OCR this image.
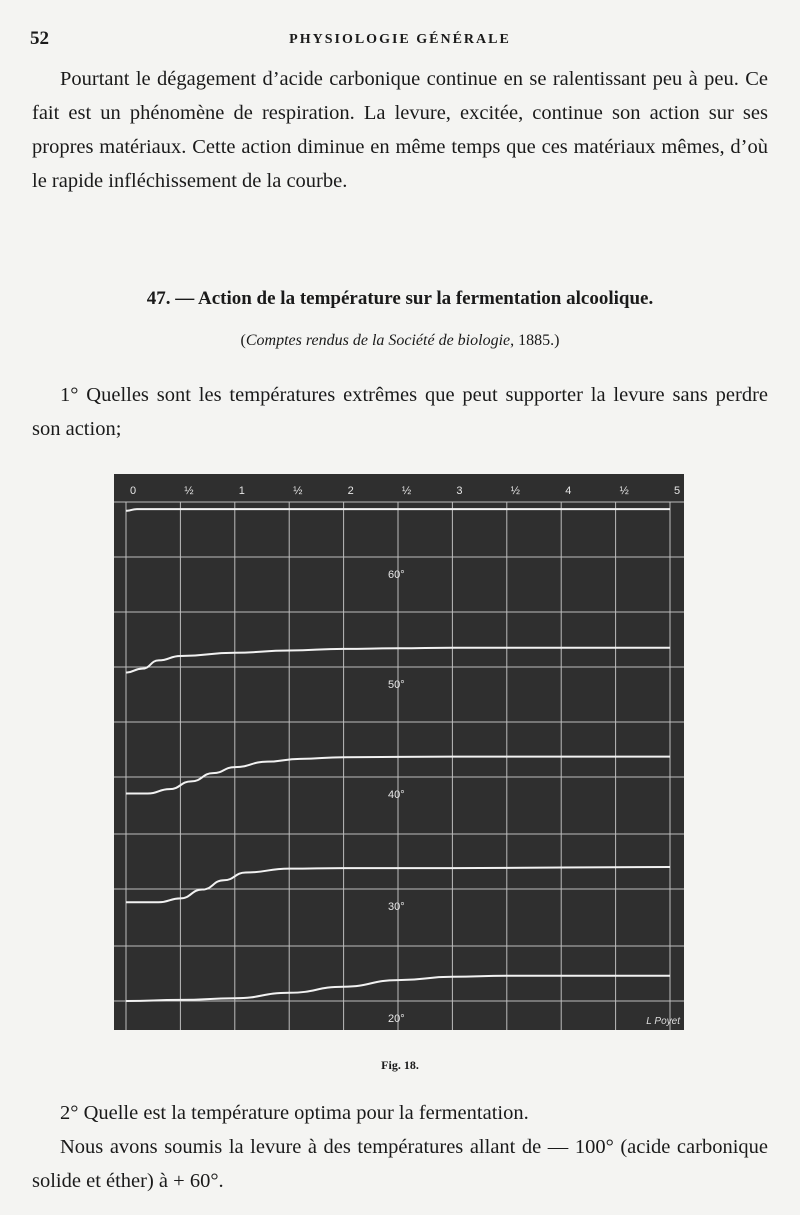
52	PHYSIOLOGIE GÉNÉRALE

Pourtant le dégagement d’acide carbonique continue en se ralentissant peu à peu. Ce fait est un phénomène de respiration. La levure, excitée, continue son action sur ses propres matériaux. Cette action diminue en même temps que ces matériaux mêmes, d’où le rapide infléchissement de la courbe.

47. — Action de la température sur la fermentation alcoolique.
(Comptes rendus de la Société de biologie, 1885.)

1° Quelles sont les températures extrêmes que peut supporter la levure sans perdre son action;

0	½	1	½	2	½	3	½	4	½	5
60°
50°
40°
30°
20°	L Poyet
Fig. 18.
2° Quelle est la température optima pour la fermentation.
Nous avons soumis la levure à des températures allant de — 100° (acide carbonique solide et éther) à + 60°.
